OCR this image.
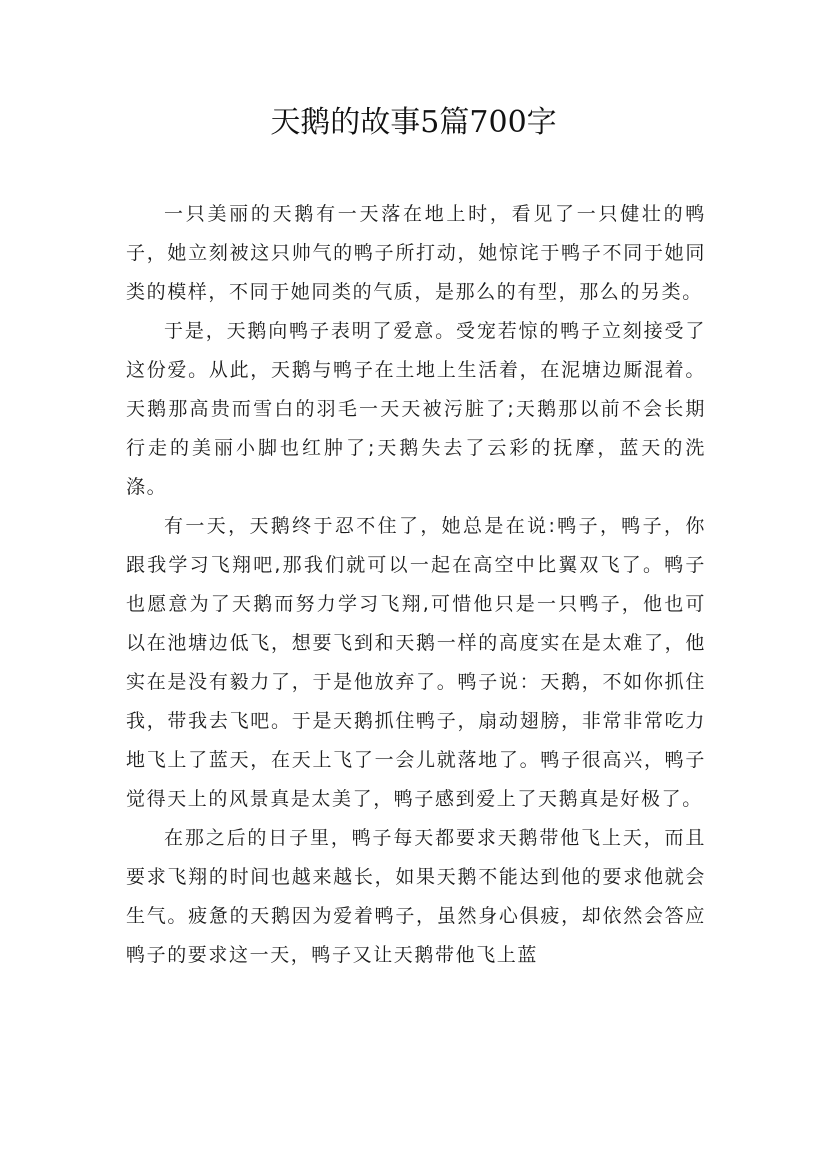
天鹅的故事5篇700字

一只美丽的天鹅有一天落在地上时，看见了一只健壮的鸭子，她立刻被这只帅气的鸭子所打动，她惊诧于鸭子不同于她同类的模样，不同于她同类的气质，是那么的有型，那么的另类。

于是，天鹅向鸭子表明了爱意。受宠若惊的鸭子立刻接受了这份爱。从此，天鹅与鸭子在土地上生活着，在泥塘边厮混着。天鹅那高贵而雪白的羽毛一天天被污脏了;天鹅那以前不会长期行走的美丽小脚也红肿了;天鹅失去了云彩的抚摩，蓝天的洗涤。

有一天，天鹅终于忍不住了，她总是在说:鸭子，鸭子，你跟我学习飞翔吧,那我们就可以一起在高空中比翼双飞了。鸭子也愿意为了天鹅而努力学习飞翔,可惜他只是一只鸭子，他也可以在池塘边低飞，想要飞到和天鹅一样的高度实在是太难了，他实在是没有毅力了，于是他放弃了。鸭子说：天鹅，不如你抓住我，带我去飞吧。于是天鹅抓住鸭子，扇动翅膀，非常非常吃力地飞上了蓝天，在天上飞了一会儿就落地了。鸭子很高兴，鸭子觉得天上的风景真是太美了，鸭子感到爱上了天鹅真是好极了。

在那之后的日子里，鸭子每天都要求天鹅带他飞上天，而且要求飞翔的时间也越来越长，如果天鹅不能达到他的要求他就会生气。疲惫的天鹅因为爱着鸭子，虽然身心俱疲，却依然会答应鸭子的要求这一天，鸭子又让天鹅带他飞上蓝
